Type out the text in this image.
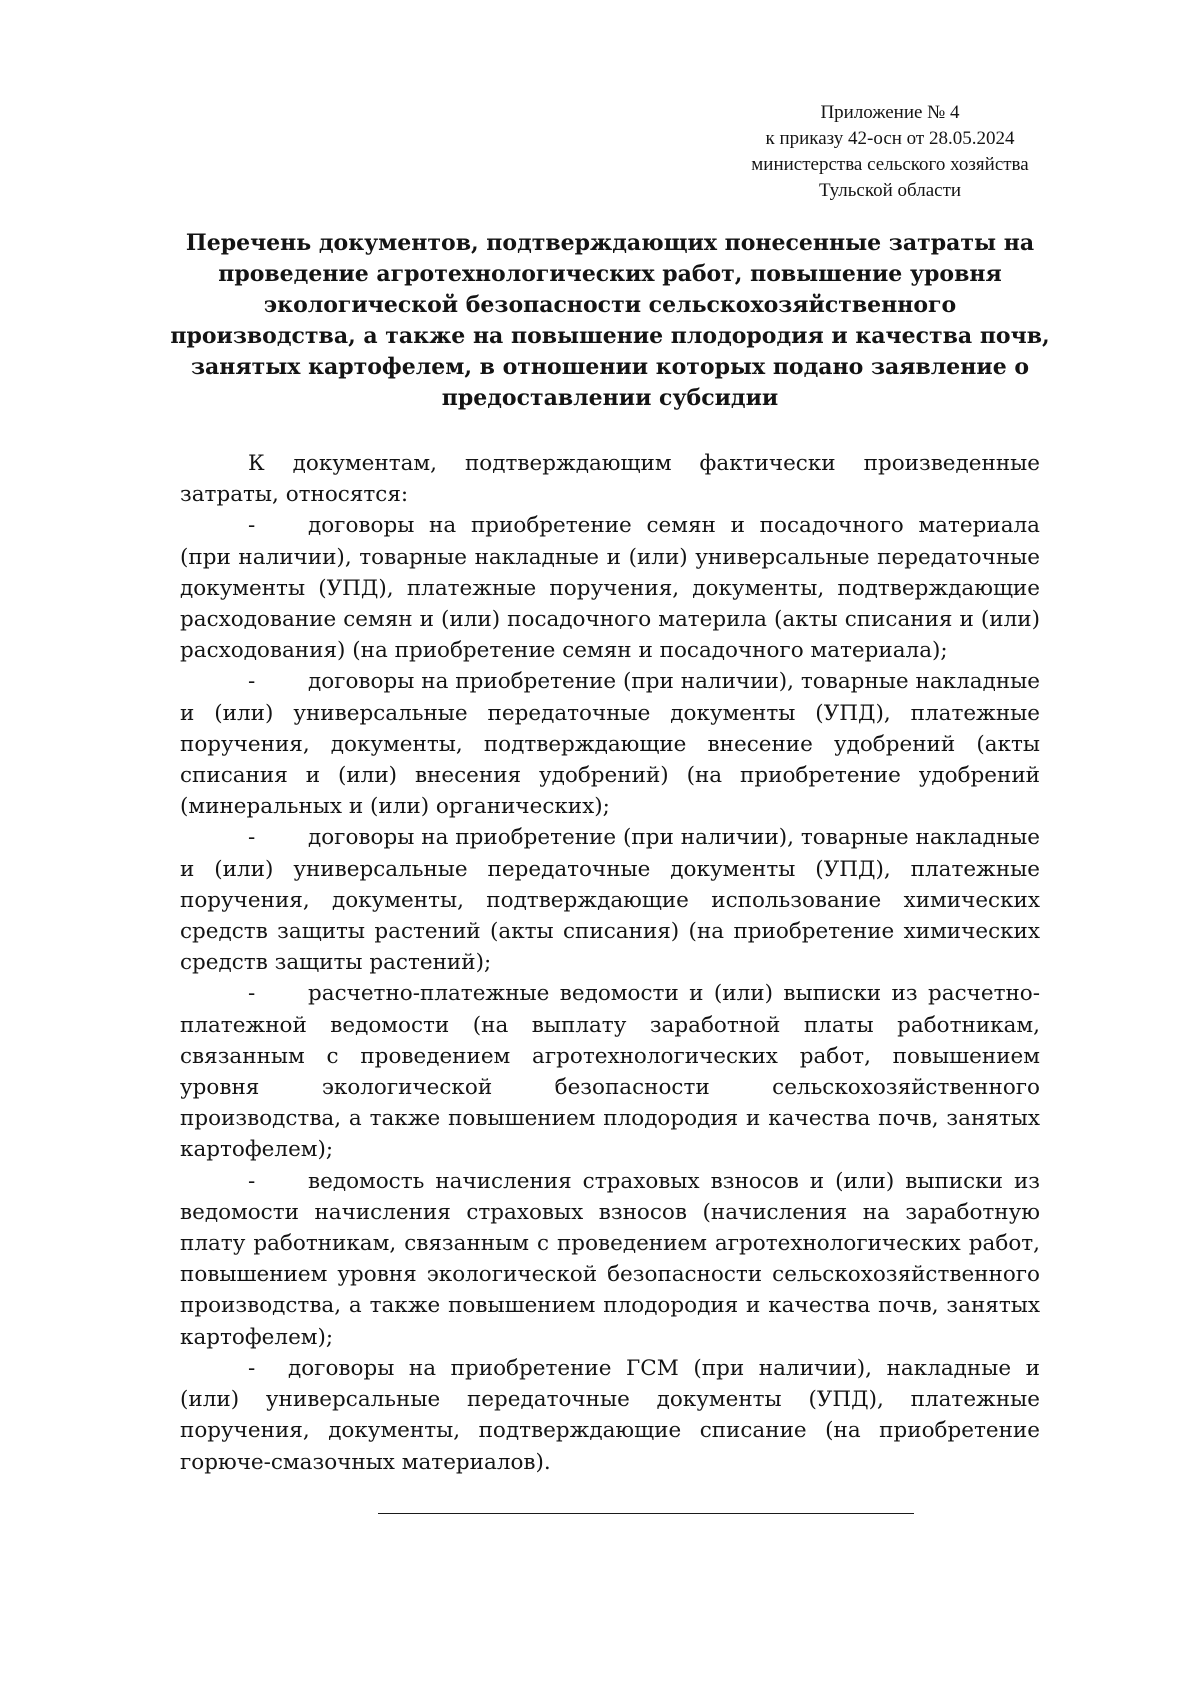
Приложение № 4
к приказу 42-осн от 28.05.2024
министерства сельского хозяйства
Тульской области
Перечень документов, подтверждающих понесенные затраты на проведение агротехнологических работ, повышение уровня экологической безопасности сельскохозяйственного производства, а также на повышение плодородия и качества почв, занятых картофелем, в отношении которых подано заявление о предоставлении субсидии

К документам, подтверждающим фактически произведенные затраты, относятся:

- договоры на приобретение семян и посадочного материала (при наличии), товарные накладные и (или) универсальные передаточные документы (УПД), платежные поручения, документы, подтверждающие расходование семян и (или) посадочного материла (акты списания и (или) расходования) (на приобретение семян и посадочного материала);

- договоры на приобретение (при наличии), товарные накладные и (или) универсальные передаточные документы (УПД), платежные поручения, документы, подтверждающие внесение удобрений (акты списания и (или) внесения удобрений) (на приобретение удобрений (минеральных и (или) органических);

- договоры на приобретение (при наличии), товарные накладные и (или) универсальные передаточные документы (УПД), платежные поручения, документы, подтверждающие использование химических средств защиты растений (акты списания) (на приобретение химических средств защиты растений);

- расчетно-платежные ведомости и (или) выписки из расчетно-платежной ведомости (на выплату заработной платы работникам, связанным с проведением агротехнологических работ, повышением уровня экологической безопасности сельскохозяйственного производства, а также повышением плодородия и качества почв, занятых картофелем);

- ведомость начисления страховых взносов и (или) выписки из ведомости начисления страховых взносов (начисления на заработную плату работникам, связанным с проведением агротехнологических работ, повышением уровня экологической безопасности сельскохозяйственного производства, а также повышением плодородия и качества почв, занятых картофелем);

- договоры на приобретение ГСМ (при наличии), накладные и (или) универсальные передаточные документы (УПД), платежные поручения, документы, подтверждающие списание (на приобретение горюче-смазочных материалов).
